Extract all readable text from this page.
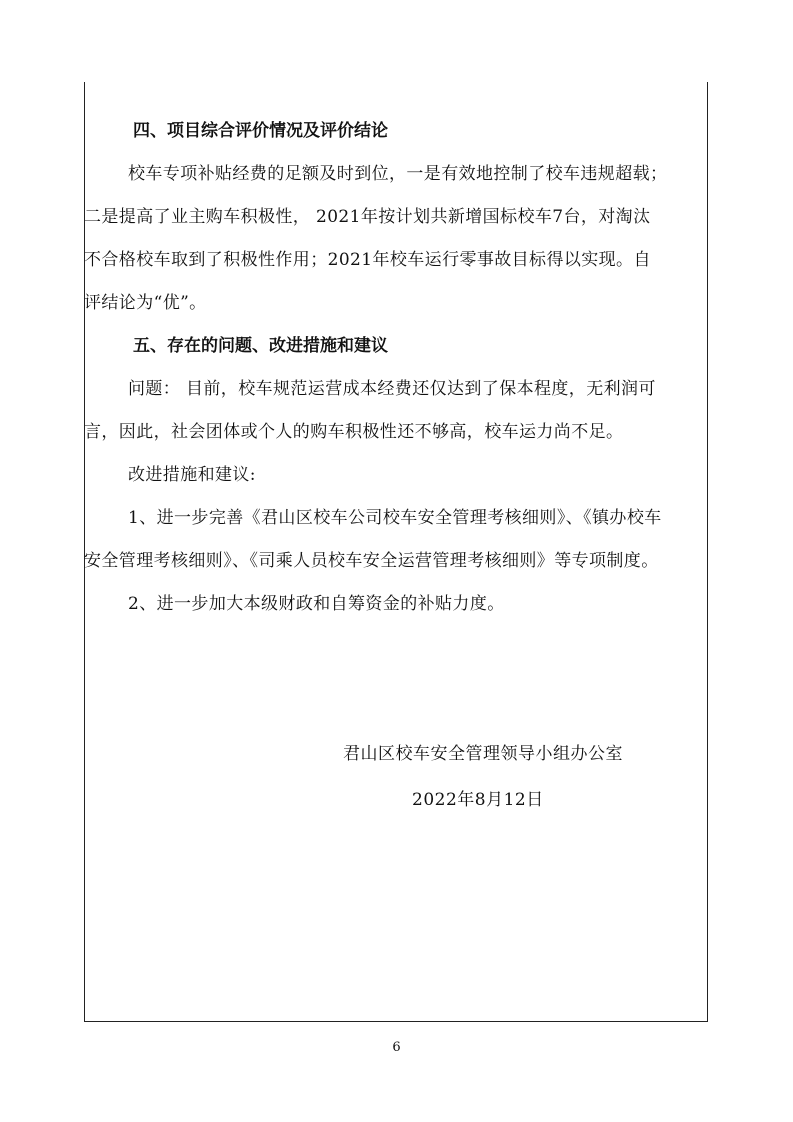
四、项目综合评价情况及评价结论

校车专项补贴经费的足额及时到位，一是有效地控制了校车违规超载；
二是提高了业主购车积极性， 2021年按计划共新增国标校车7台，对淘汰
不合格校车取到了积极性作用；2021年校车运行零事故目标得以实现。自
评结论为“优”。

五、存在的问题、改进措施和建议

问题： 目前，校车规范运营成本经费还仅达到了保本程度，无利润可
言，因此，社会团体或个人的购车积极性还不够高，校车运力尚不足。
改进措施和建议:
1、进一步完善《君山区校车公司校车安全管理考核细则》、《镇办校车
安全管理考核细则》、《司乘人员校车安全运营管理考核细则》等专项制度。
2、进一步加大本级财政和自筹资金的补贴力度。
君山区校车安全管理领导小组办公室
2022年8月12日
6
